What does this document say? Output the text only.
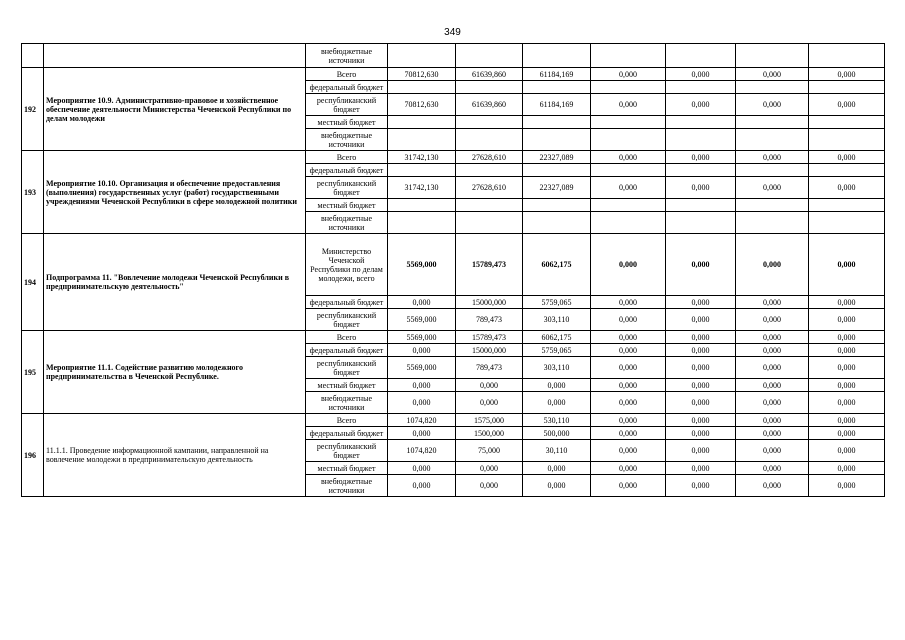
349
		внебюджетные источники							
192	Мероприятие 10.9. Административно-правовое и хозяйственное обеспечение деятельности Министерства Чеченской Республики по делам молодежи	Всего	70812,630	61639,860	61184,169	0,000	0,000	0,000	0,000
		федеральный бюджет							
		республиканский бюджет	70812,630	61639,860	61184,169	0,000	0,000	0,000	0,000
		местный бюджет							
		внебюджетные источники							
193	Мероприятие 10.10. Организация и обеспечение предоставления (выполнения) государственных услуг (работ) государственными учреждениями Чеченской Республики в сфере молодежной политики	Всего	31742,130	27628,610	22327,089	0,000	0,000	0,000	0,000
		федеральный бюджет							
		республиканский бюджет	31742,130	27628,610	22327,089	0,000	0,000	0,000	0,000
		местный бюджет							
		внебюджетные источники							
194	Подпрограмма 11. "Вовлечение молодежи Чеченской Республики в предпринимательскую деятельность"	Министерство Чеченской Республики по делам молодежи, всего	5569,000	15789,473	6062,175	0,000	0,000	0,000	0,000
		федеральный бюджет	0,000	15000,000	5759,065	0,000	0,000	0,000	0,000
		республиканский бюджет	5569,000	789,473	303,110	0,000	0,000	0,000	0,000
195	Мероприятие 11.1. Содействие развитию молодежного предпринимательства в Чеченской Республике.	Всего	5569,000	15789,473	6062,175	0,000	0,000	0,000	0,000
		федеральный бюджет	0,000	15000,000	5759,065	0,000	0,000	0,000	0,000
		республиканский бюджет	5569,000	789,473	303,110	0,000	0,000	0,000	0,000
		местный бюджет	0,000	0,000	0,000	0,000	0,000	0,000	0,000
		внебюджетные источники	0,000	0,000	0,000	0,000	0,000	0,000	0,000
196	11.1.1. Проведение информационной кампании, направленной на вовлечение молодежи в предпринимательскую деятельность	Всего	1074,820	1575,000	530,110	0,000	0,000	0,000	0,000
		федеральный бюджет	0,000	1500,000	500,000	0,000	0,000	0,000	0,000
		республиканский бюджет	1074,820	75,000	30,110	0,000	0,000	0,000	0,000
		местный бюджет	0,000	0,000	0,000	0,000	0,000	0,000	0,000
		внебюджетные источники	0,000	0,000	0,000	0,000	0,000	0,000	0,000
